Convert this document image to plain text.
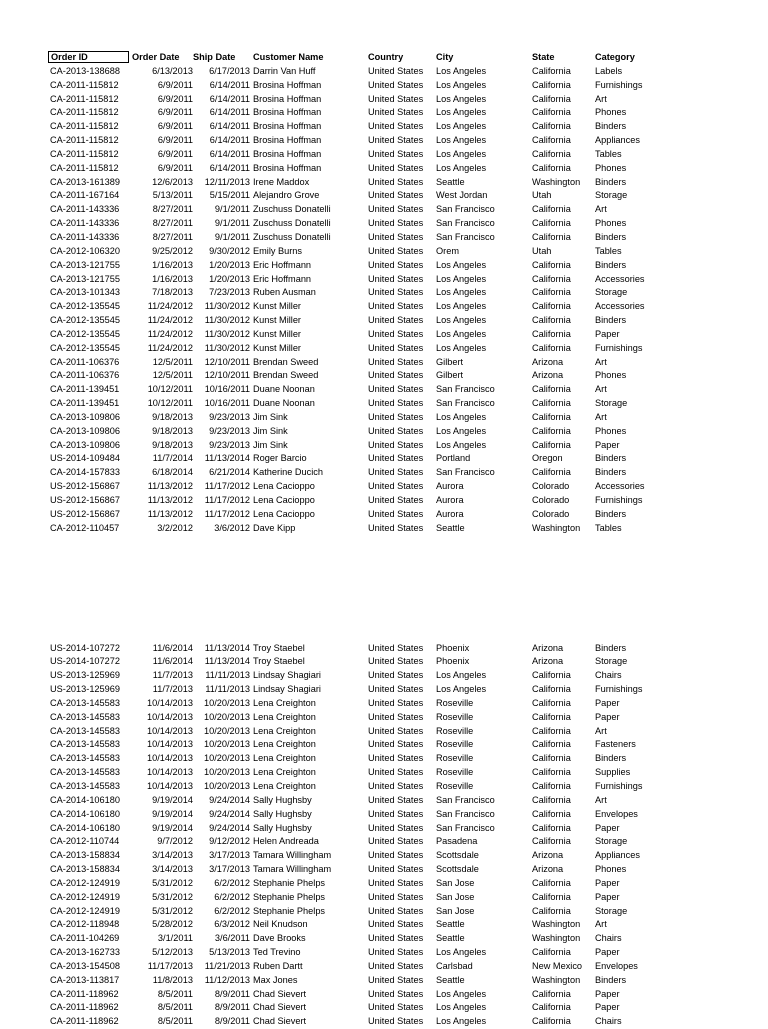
Order ID	Order Date	Ship Date	Customer Name	Country	City	State	Category
CA-2013-138688	6/13/2013	6/17/2013 Darrin Van Huff	United States	Los Angeles	California	Labels
CA-2011-115812	6/9/2011	6/14/2011 Brosina Hoffman	United States	Los Angeles	California	Furnishings
CA-2011-115812	6/9/2011	6/14/2011 Brosina Hoffman	United States	Los Angeles	California	Art
CA-2011-115812	6/9/2011	6/14/2011 Brosina Hoffman	United States	Los Angeles	California	Phones
CA-2011-115812	6/9/2011	6/14/2011 Brosina Hoffman	United States	Los Angeles	California	Binders
CA-2011-115812	6/9/2011	6/14/2011 Brosina Hoffman	United States	Los Angeles	California	Appliances
CA-2011-115812	6/9/2011	6/14/2011 Brosina Hoffman	United States	Los Angeles	California	Tables
CA-2011-115812	6/9/2011	6/14/2011 Brosina Hoffman	United States	Los Angeles	California	Phones
CA-2013-161389	12/6/2013	12/11/2013 Irene Maddox	United States	Seattle	Washington	Binders
CA-2011-167164	5/13/2011	5/15/2011 Alejandro Grove	United States	West Jordan	Utah	Storage
CA-2011-143336	8/27/2011	9/1/2011 Zuschuss Donatelli	United States	San Francisco	California	Art
CA-2011-143336	8/27/2011	9/1/2011 Zuschuss Donatelli	United States	San Francisco	California	Phones
CA-2011-143336	8/27/2011	9/1/2011 Zuschuss Donatelli	United States	San Francisco	California	Binders
CA-2012-106320	9/25/2012	9/30/2012 Emily Burns	United States	Orem	Utah	Tables
CA-2013-121755	1/16/2013	1/20/2013 Eric Hoffmann	United States	Los Angeles	California	Binders
CA-2013-121755	1/16/2013	1/20/2013 Eric Hoffmann	United States	Los Angeles	California	Accessories
CA-2013-101343	7/18/2013	7/23/2013 Ruben Ausman	United States	Los Angeles	California	Storage
CA-2012-135545	11/24/2012	11/30/2012 Kunst Miller	United States	Los Angeles	California	Accessories
CA-2012-135545	11/24/2012	11/30/2012 Kunst Miller	United States	Los Angeles	California	Binders
CA-2012-135545	11/24/2012	11/30/2012 Kunst Miller	United States	Los Angeles	California	Paper
CA-2012-135545	11/24/2012	11/30/2012 Kunst Miller	United States	Los Angeles	California	Furnishings
CA-2011-106376	12/5/2011	12/10/2011 Brendan Sweed	United States	Gilbert	Arizona	Art
CA-2011-106376	12/5/2011	12/10/2011 Brendan Sweed	United States	Gilbert	Arizona	Phones
CA-2011-139451	10/12/2011	10/16/2011 Duane Noonan	United States	San Francisco	California	Art
CA-2011-139451	10/12/2011	10/16/2011 Duane Noonan	United States	San Francisco	California	Storage
CA-2013-109806	9/18/2013	9/23/2013 Jim Sink	United States	Los Angeles	California	Art
CA-2013-109806	9/18/2013	9/23/2013 Jim Sink	United States	Los Angeles	California	Phones
CA-2013-109806	9/18/2013	9/23/2013 Jim Sink	United States	Los Angeles	California	Paper
US-2014-109484	11/7/2014	11/13/2014 Roger Barcio	United States	Portland	Oregon	Binders
CA-2014-157833	6/18/2014	6/21/2014 Katherine Ducich	United States	San Francisco	California	Binders
US-2012-156867	11/13/2012	11/17/2012 Lena Cacioppo	United States	Aurora	Colorado	Accessories
US-2012-156867	11/13/2012	11/17/2012 Lena Cacioppo	United States	Aurora	Colorado	Furnishings
US-2012-156867	11/13/2012	11/17/2012 Lena Cacioppo	United States	Aurora	Colorado	Binders
CA-2012-110457	3/2/2012	3/6/2012 Dave Kipp	United States	Seattle	Washington	Tables
US-2014-107272	11/6/2014	11/13/2014 Troy Staebel	United States	Phoenix	Arizona	Binders
US-2014-107272	11/6/2014	11/13/2014 Troy Staebel	United States	Phoenix	Arizona	Storage
US-2013-125969	11/7/2013	11/11/2013 Lindsay Shagiari	United States	Los Angeles	California	Chairs
US-2013-125969	11/7/2013	11/11/2013 Lindsay Shagiari	United States	Los Angeles	California	Furnishings
CA-2013-145583	10/14/2013	10/20/2013 Lena Creighton	United States	Roseville	California	Paper
CA-2013-145583	10/14/2013	10/20/2013 Lena Creighton	United States	Roseville	California	Paper
CA-2013-145583	10/14/2013	10/20/2013 Lena Creighton	United States	Roseville	California	Art
CA-2013-145583	10/14/2013	10/20/2013 Lena Creighton	United States	Roseville	California	Fasteners
CA-2013-145583	10/14/2013	10/20/2013 Lena Creighton	United States	Roseville	California	Binders
CA-2013-145583	10/14/2013	10/20/2013 Lena Creighton	United States	Roseville	California	Supplies
CA-2013-145583	10/14/2013	10/20/2013 Lena Creighton	United States	Roseville	California	Furnishings
CA-2014-106180	9/19/2014	9/24/2014 Sally Hughsby	United States	San Francisco	California	Art
CA-2014-106180	9/19/2014	9/24/2014 Sally Hughsby	United States	San Francisco	California	Envelopes
CA-2014-106180	9/19/2014	9/24/2014 Sally Hughsby	United States	San Francisco	California	Paper
CA-2012-110744	9/7/2012	9/12/2012 Helen Andreada	United States	Pasadena	California	Storage
CA-2013-158834	3/14/2013	3/17/2013 Tamara Willingham	United States	Scottsdale	Arizona	Appliances
CA-2013-158834	3/14/2013	3/17/2013 Tamara Willingham	United States	Scottsdale	Arizona	Phones
CA-2012-124919	5/31/2012	6/2/2012 Stephanie Phelps	United States	San Jose	California	Paper
CA-2012-124919	5/31/2012	6/2/2012 Stephanie Phelps	United States	San Jose	California	Paper
CA-2012-124919	5/31/2012	6/2/2012 Stephanie Phelps	United States	San Jose	California	Storage
CA-2012-118948	5/28/2012	6/3/2012 Neil Knudson	United States	Seattle	Washington	Art
CA-2011-104269	3/1/2011	3/6/2011 Dave Brooks	United States	Seattle	Washington	Chairs
CA-2013-162733	5/12/2013	5/13/2013 Ted Trevino	United States	Los Angeles	California	Paper
CA-2013-154508	11/17/2013	11/21/2013 Ruben Dartt	United States	Carlsbad	New Mexico	Envelopes
CA-2013-113817	11/8/2013	11/12/2013 Max Jones	United States	Seattle	Washington	Binders
CA-2011-118962	8/5/2011	8/9/2011 Chad Sievert	United States	Los Angeles	California	Paper
CA-2011-118962	8/5/2011	8/9/2011 Chad Sievert	United States	Los Angeles	California	Paper
CA-2011-118962	8/5/2011	8/9/2011 Chad Sievert	United States	Los Angeles	California	Chairs
